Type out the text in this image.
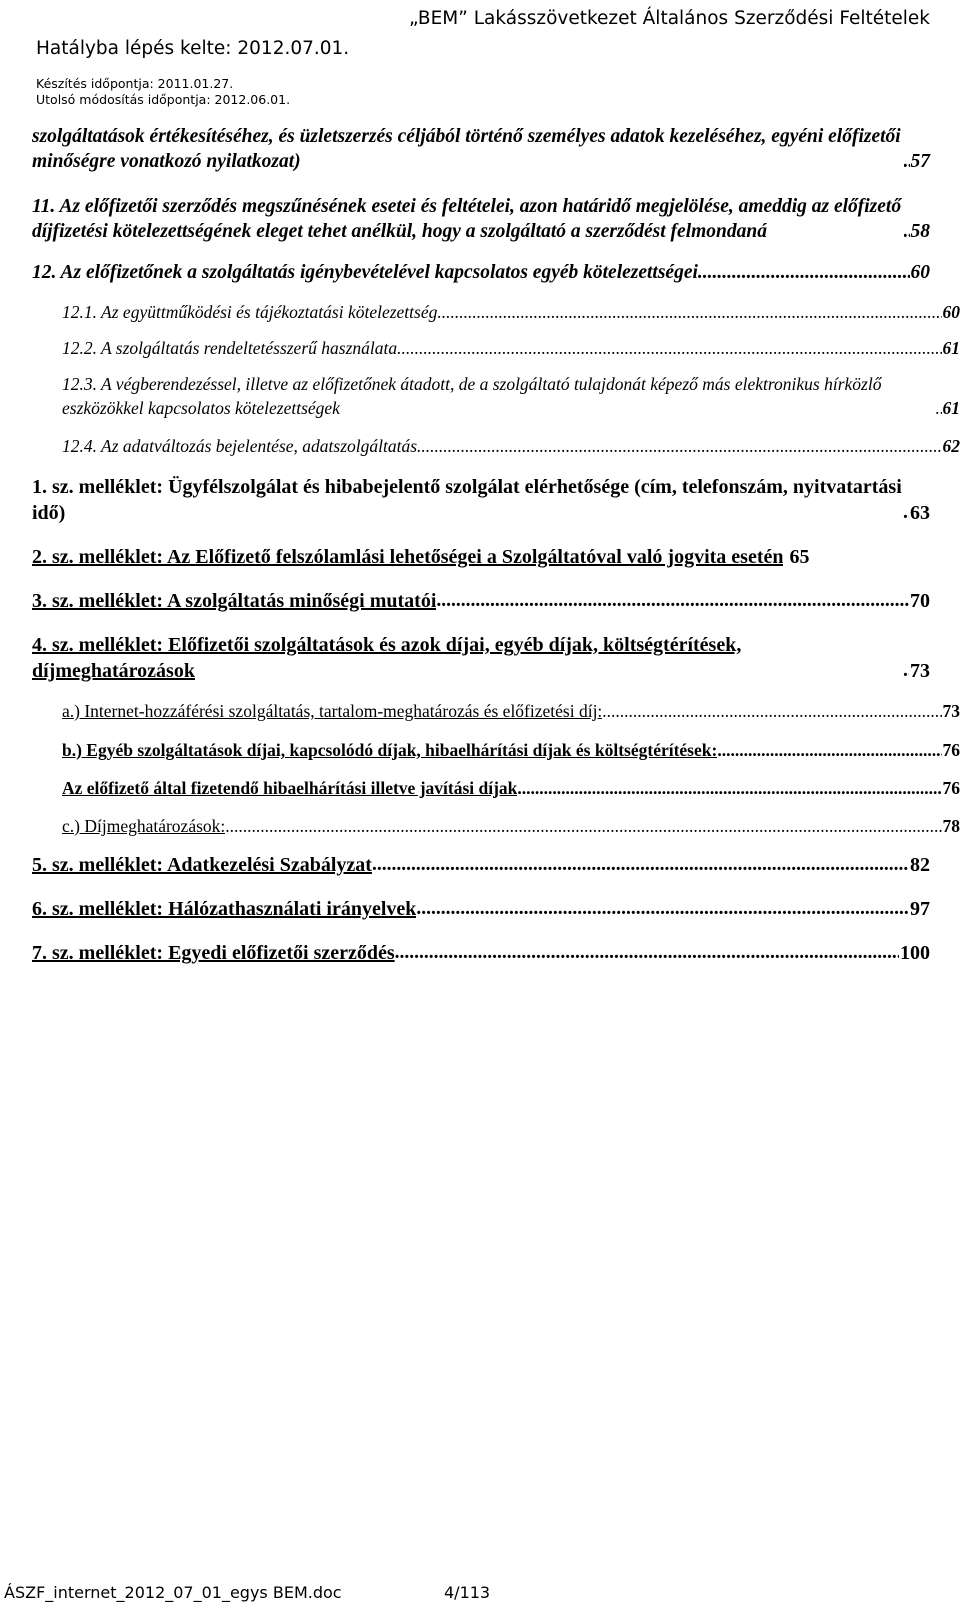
„BEM” Lakásszövetkezet Általános Szerződési Feltételek
Hatályba lépés kelte: 2012.07.01.
Készítés időpontja: 2011.01.27.
Utolsó módosítás időpontja: 2012.06.01.
szolgáltatások értékesítéséhez, és üzletszerzés céljából történő személyes adatok kezeléséhez, egyéni előfizetői minőségre vonatkozó nyilatkozat) .....	57
11. Az előfizetői szerződés megszűnésének esetei és feltételei, azon határidő megjelölése, ameddig az előfizető díjfizetési kötelezettségének eleget tehet anélkül, hogy a szolgáltató a szerződést felmondaná .....	58
12. Az előfizetőnek a szolgáltatás igénybevételével kapcsolatos egyéb kötelezettségei .....	60
12.1. Az együttműködési és tájékoztatási kötelezettség .....	60
12.2. A szolgáltatás rendeltetésszerű használata .....	61
12.3. A végberendezéssel, illetve az előfizetőnek átadott, de a szolgáltató tulajdonát képező más elektronikus hírközlő eszközökkel kapcsolatos kötelezettségek .....	61
12.4. Az adatváltozás bejelentése, adatszolgáltatás .....	62
1. sz. melléklet: Ügyfélszolgálat és hibabejelentő szolgálat elérhetősége (cím, telefonszám, nyitvatartási idő) .....	63
2. sz. melléklet: Az Előfizető felszólamlási lehetőségei a Szolgáltatóval való jogvita esetén 65
3. sz. melléklet: A szolgáltatás minőségi mutatói .....	70
4. sz. melléklet: Előfizetői szolgáltatások és azok díjai, egyéb díjak, költségtérítések, díjmeghatározások .....	73
a.) Internet-hozzáférési szolgáltatás, tartalom-meghatározás és előfizetési díj: .....	73
b.) Egyéb szolgáltatások díjai, kapcsolódó díjak, hibaelhárítási díjak és költségtérítések: .....	76
Az előfizető által fizetendő hibaelhárítási illetve javítási díjak .....	76
c.) Díjmeghatározások: .....	78
5. sz. melléklet: Adatkezelési Szabályzat .....	82
6. sz. melléklet: Hálózathasználati irányelvek .....	97
7. sz. melléklet: Egyedi előfizetői szerződés .....	100
ÁSZF_internet_2012_07_01_egys BEM.doc	4/113
